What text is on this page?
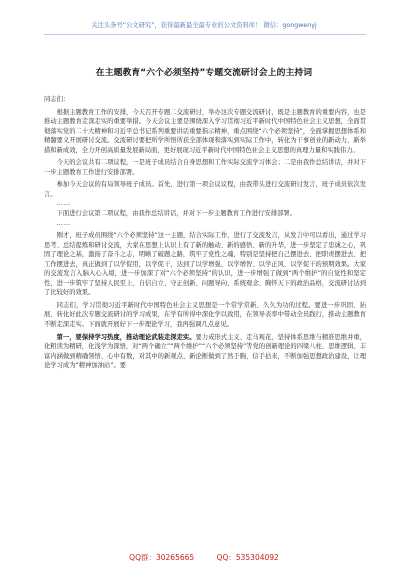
关注头条号“公文研究”，获得最新最全最专业的公文资料库！ 微信：gongwenyj
在主题教育“六个必须坚持”专题交流研讨会上的主持词

同志们：

根据主题教育工作的安排，今天召开专题二交流研讨，举办这次专题交流研讨，既是主题教育的重要内容，也是推动主题教育走深走实的重要举措。今天会议主要是围绕深入学习贯彻习近平新时代中国特色社会主义思想，全面贯彻落实党的二十大精神和习近平总书记系列重要讲话重要指示精神，重点围绕“六个必须坚持”，全面掌握思想体系和精髓要义开展研讨交流。交流研讨要把所学所悟所获全部体现和落实到实际工作中，转化为干事创业的新动力、新举措和新成效，全力开创高质量发展新局面，更好展现习近平新时代中国特色社会主义思想的真理力量和实践伟力。

今天的会议共有二项议程，一是班子成员结合自身思想和工作实际交流学习体会；二是由我作总结讲话，并对下一步主题教育工作进行安排部署。

参加今天会议的有局领导班子成员。首先，进行第一项会议议程，由我带头进行交流研讨发言，班子成员依次发言。

……

下面进行会议第二项议程，由我作总结讲话，并对下一步主题教育工作进行安排部署。

……

刚才，班子成员围绕“六个必须坚持”这一主题，结合实际工作，进行了交流发言，从发言中可以看出，通过学习思考、总结提炼和研讨交流，大家在思想上认识上有了新的触动、新的感悟、新的升华，进一步坚定了忠诚之心，巩固了理论之基，激扬了奋斗之志，明晰了破题之路，筑牢了党性之魂，特别是坚持把自己摆进去、把职责摆进去、把工作摆进去，真正做到了以学促用，以学促干，达到了以学增强、以学增智、以学正风、以学促干的预期效果。大家的交流发言入脑入心入境，进一步加深了对“六个必须坚持”的认识，进一步增强了做到“两个维护”的自觉性和坚定性，进一步筑牢了坚持人民至上、自信自立、守正创新、问题导向、系统观念、胸怀天下的政治品格，交流研讨达到了比较好的效果。

同志们，学习贯彻习近平新时代中国特色社会主义思想是一个常学常新、久久为功的过程。要进一步巩固、拓展、转化好此次专题交流研讨的学习成果，在学有所得中深化学以致用，在领导表率中带动全员践行，推动主题教育不断走深走实。下面就开展好下一步理论学习，我再强调几点意见。

第一，要保持学习热度，推动理论武装走深走实。要力戒形式主义、走马观花，坚持体系思维与精准思维并重，化粗读为精研，化浅学为深悟，对“两个确立”“两个维护”“六个必须坚持”等党的创新理论的四梁八柱、思维逻辑、丰富内涵做到精确领悟、心中有数，对其中的新观点、新论断做到了然于胸、信手拈来，不断加强思想政治建设，让理论学习成为“精神加油站”。要

QQ群：30265665	QQ：535304092
